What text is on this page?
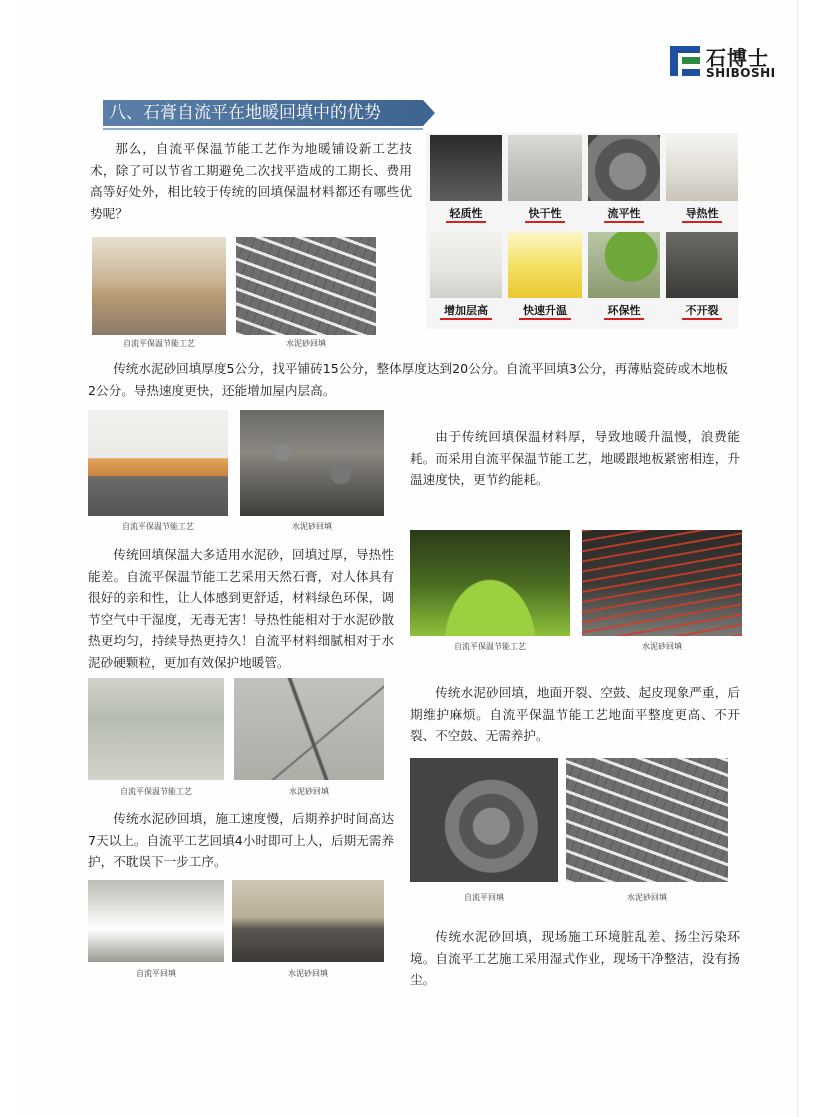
石博士
SHIBOSHI
八、石膏自流平在地暖回填中的优势
那么，自流平保温节能工艺作为地暖铺设新工艺技术，除了可以节省工期避免二次找平造成的工期长、费用高等好处外，相比较于传统的回填保温材料都还有哪些优势呢？	轻质性	快干性	流平性	导热性
增加层高	快速升温	环保性	不开裂
自流平保温节能工艺	水泥砂回填
传统水泥砂回填厚度5公分，找平铺砖15公分，整体厚度达到20公分。自流平回填3公分，再薄贴瓷砖或木地板2公分。导热速度更快，还能增加屋内层高。
自流平保温节能工艺	水泥砂回填
由于传统回填保温材料厚，导致地暖升温慢，浪费能耗。而采用自流平保温节能工艺，地暖跟地板紧密相连，升温速度快，更节约能耗。
传统回填保温大多适用水泥砂，回填过厚，导热性能差。自流平保温节能工艺采用天然石膏，对人体具有很好的亲和性，让人体感到更舒适，材料绿色环保，调节空气中干湿度，无毒无害！导热性能相对于水泥砂散热更均匀，持续导热更持久！自流平材料细腻相对于水泥砂硬颗粒，更加有效保护地暖管。
自流平保温节能工艺	水泥砂回填
自流平保温节能工艺	水泥砂回填
传统水泥砂回填，地面开裂、空鼓、起皮现象严重，后期维护麻烦。自流平保温节能工艺地面平整度更高、不开裂、不空鼓、无需养护。
传统水泥砂回填，施工速度慢，后期养护时间高达7天以上。自流平工艺回填4小时即可上人，后期无需养护，不耽误下一步工序。
自流平回填	水泥砂回填
自流平回填	水泥砂回填
传统水泥砂回填，现场施工环境脏乱差、扬尘污染环境。自流平工艺施工采用湿式作业，现场干净整洁，没有扬尘。
